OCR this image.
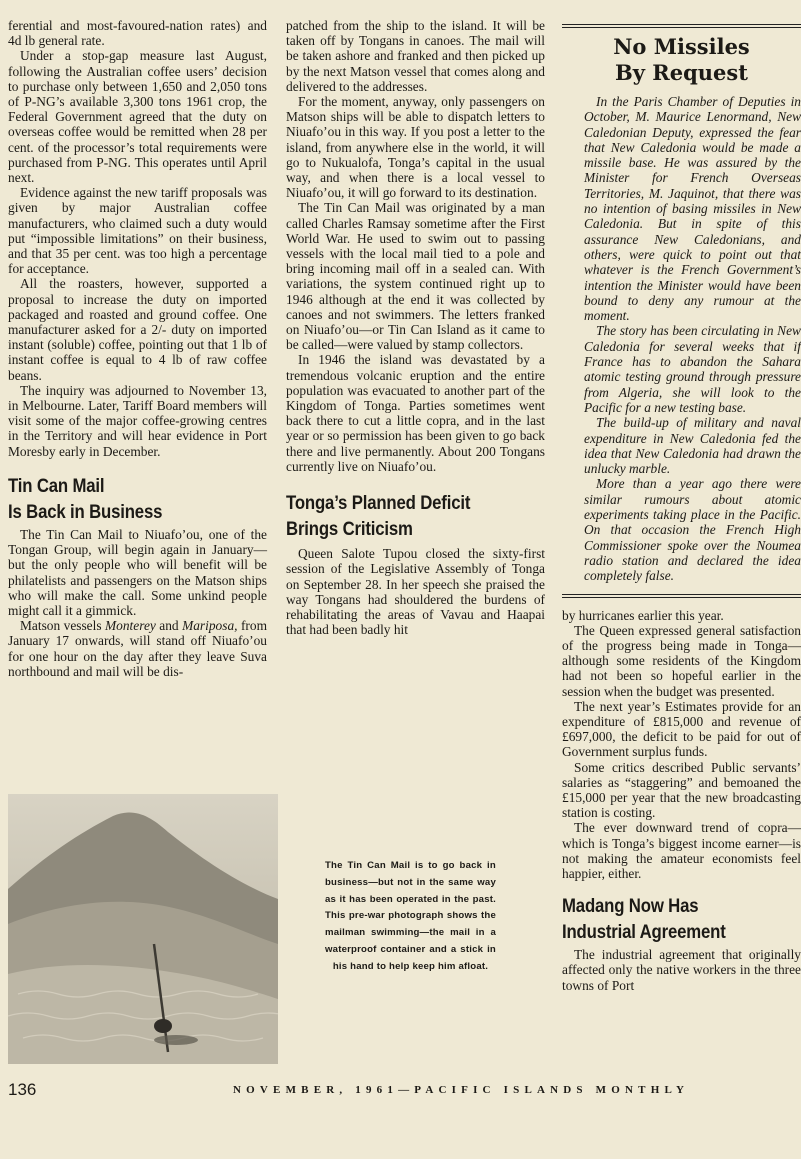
ferential and most-favoured-nation rates) and 4d lb general rate.

Under a stop-gap measure last August, following the Australian coffee users’ decision to purchase only between 1,650 and 2,050 tons of P-NG’s available 3,300 tons 1961 crop, the Federal Government agreed that the duty on overseas coffee would be remitted when 28 per cent. of the processor’s total requirements were purchased from P-NG. This operates until April next.

Evidence against the new tariff proposals was given by major Australian coffee manufacturers, who claimed such a duty would put “impossible limitations” on their business, and that 35 per cent. was too high a percentage for acceptance.

All the roasters, however, supported a proposal to increase the duty on imported packaged and roasted and ground coffee. One manufacturer asked for a 2/- duty on imported instant (soluble) coffee, pointing out that 1 lb of instant coffee is equal to 4 lb of raw coffee beans.

The inquiry was adjourned to November 13, in Melbourne. Later, Tariff Board members will visit some of the major coffee-growing centres in the Territory and will hear evidence in Port Moresby early in December.

Tin Can Mail
Is Back in Business

The Tin Can Mail to Niuafo’ou, one of the Tongan Group, will begin again in January—but the only people who will benefit will be philatelists and passengers on the Matson ships who will make the call. Some unkind people might call it a gimmick.

Matson vessels Monterey and Mariposa, from January 17 onwards, will stand off Niuafo’ou for one hour on the day after they leave Suva northbound and mail will be dis-

patched from the ship to the island. It will be taken off by Tongans in canoes. The mail will be taken ashore and franked and then picked up by the next Matson vessel that comes along and delivered to the addresses.

For the moment, anyway, only passengers on Matson ships will be able to dispatch letters to Niuafo’ou in this way. If you post a letter to the island, from anywhere else in the world, it will go to Nukualofa, Tonga’s capital in the usual way, and when there is a local vessel to Niuafo’ou, it will go forward to its destination.

The Tin Can Mail was originated by a man called Charles Ramsay sometime after the First World War. He used to swim out to passing vessels with the local mail tied to a pole and bring incoming mail off in a sealed can. With variations, the system continued right up to 1946 although at the end it was collected by canoes and not swimmers. The letters franked on Niuafo’ou—or Tin Can Island as it came to be called—were valued by stamp collectors.

In 1946 the island was devastated by a tremendous volcanic eruption and the entire population was evacuated to another part of the Kingdom of Tonga. Parties sometimes went back there to cut a little copra, and in the last year or so permission has been given to go back there and live permanently. About 200 Tongans currently live on Niuafo’ou.

Tonga’s Planned Deficit
Brings Criticism

Queen Salote Tupou closed the sixty-first session of the Legislative Assembly of Tonga on September 28. In her speech she praised the way Tongans had shouldered the burdens of rehabilitating the areas of Vavau and Haapai that had been badly hit

No Missiles
By Request

In the Paris Chamber of Deputies in October, M. Maurice Lenormand, New Caledonian Deputy, expressed the fear that New Caledonia would be made a missile base. He was assured by the Minister for French Overseas Territories, M. Jaquinot, that there was no intention of basing missiles in New Caledonia. But in spite of this assurance New Caledonians, and others, were quick to point out that whatever is the French Government’s intention the Minister would have been bound to deny any rumour at the moment.

The story has been circulating in New Caledonia for several weeks that if France has to abandon the Sahara atomic testing ground through pressure from Algeria, she will look to the Pacific for a new testing base.

The build-up of military and naval expenditure in New Caledonia fed the idea that New Caledonia had drawn the unlucky marble.

More than a year ago there were similar rumours about atomic experiments taking place in the Pacific. On that occasion the French High Commissioner spoke over the Noumea radio station and declared the idea completely false.

by hurricanes earlier this year.

The Queen expressed general satisfaction of the progress being made in Tonga—although some residents of the Kingdom had not been so hopeful earlier in the session when the budget was presented.

The next year’s Estimates provide for an expenditure of £815,000 and revenue of £697,000, the deficit to be paid for out of Government surplus funds.

Some critics described Public servants’ salaries as “staggering” and bemoaned the £15,000 per year that the new broadcasting station is costing.

The ever downward trend of copra—which is Tonga’s biggest income earner—is not making the amateur economists feel happier, either.

Madang Now Has
Industrial Agreement

The industrial agreement that originally affected only the native workers in the three towns of Port

The Tin Can Mail is to go back in business—but not in the same way as it has been operated in the past. This pre-war photograph shows the mailman swimming—the mail in a waterproof container and a stick in his hand to help keep him afloat.
136	NOVEMBER, 1961—PACIFIC ISLANDS MONTHLY
